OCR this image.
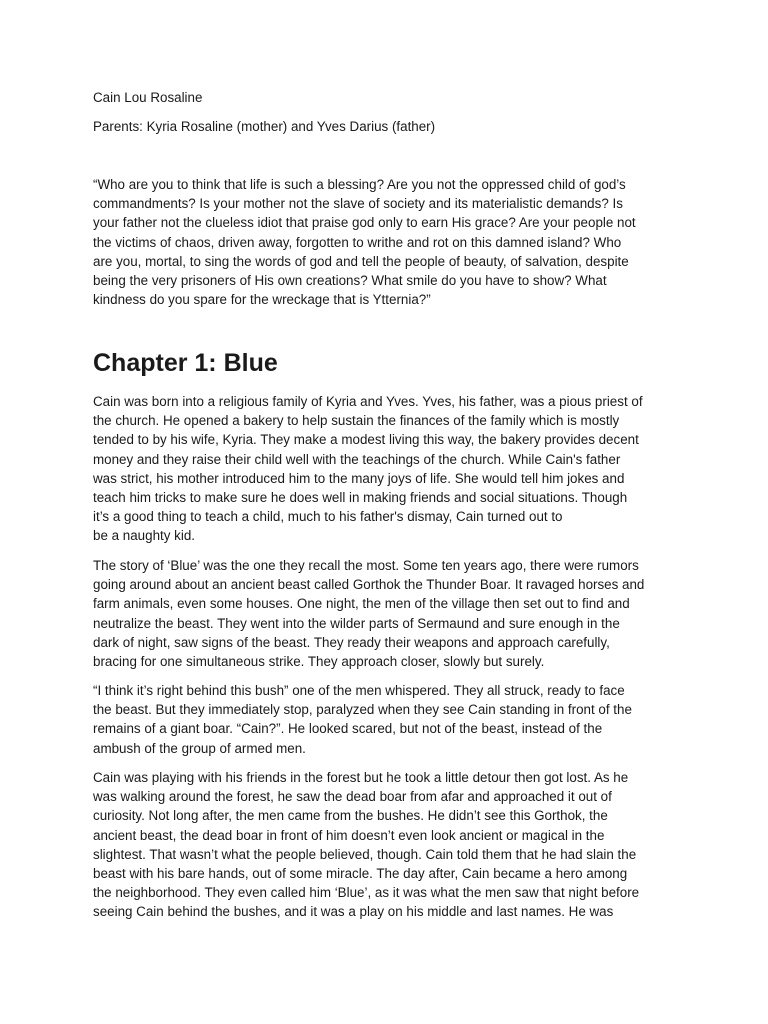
Cain Lou Rosaline

Parents: Kyria Rosaline (mother) and Yves Darius (father)

“Who are you to think that life is such a blessing? Are you not the oppressed child of god’s
commandments? Is your mother not the slave of society and its materialistic demands? Is
your father not the clueless idiot that praise god only to earn His grace? Are your people not
the victims of chaos, driven away, forgotten to writhe and rot on this damned island? Who
are you, mortal, to sing the words of god and tell the people of beauty, of salvation, despite
being the very prisoners of His own creations? What smile do you have to show? What
kindness do you spare for the wreckage that is Ytternia?”

Chapter 1: Blue

Cain was born into a religious family of Kyria and Yves. Yves, his father, was a pious priest of
the church. He opened a bakery to help sustain the finances of the family which is mostly
tended to by his wife, Kyria. They make a modest living this way, the bakery provides decent
money and they raise their child well with the teachings of the church. While Cain's father
was strict, his mother introduced him to the many joys of life. She would tell him jokes and
teach him tricks to make sure he does well in making friends and social situations. Though
it’s a good thing to teach a child, much to his father's dismay, Cain turned out to
be a naughty kid.

The story of ‘Blue’ was the one they recall the most. Some ten years ago, there were rumors
going around about an ancient beast called Gorthok the Thunder Boar. It ravaged horses and
farm animals, even some houses. One night, the men of the village then set out to find and
neutralize the beast. They went into the wilder parts of Sermaund and sure enough in the
dark of night, saw signs of the beast. They ready their weapons and approach carefully,
bracing for one simultaneous strike. They approach closer, slowly but surely.

“I think it’s right behind this bush” one of the men whispered. They all struck, ready to face
the beast. But they immediately stop, paralyzed when they see Cain standing in front of the
remains of a giant boar. “Cain?”. He looked scared, but not of the beast, instead of the
ambush of the group of armed men.

Cain was playing with his friends in the forest but he took a little detour then got lost. As he
was walking around the forest, he saw the dead boar from afar and approached it out of
curiosity. Not long after, the men came from the bushes. He didn’t see this Gorthok, the
ancient beast, the dead boar in front of him doesn’t even look ancient or magical in the
slightest. That wasn’t what the people believed, though. Cain told them that he had slain the
beast with his bare hands, out of some miracle. The day after, Cain became a hero among
the neighborhood. They even called him ‘Blue’, as it was what the men saw that night before
seeing Cain behind the bushes, and it was a play on his middle and last names. He was
